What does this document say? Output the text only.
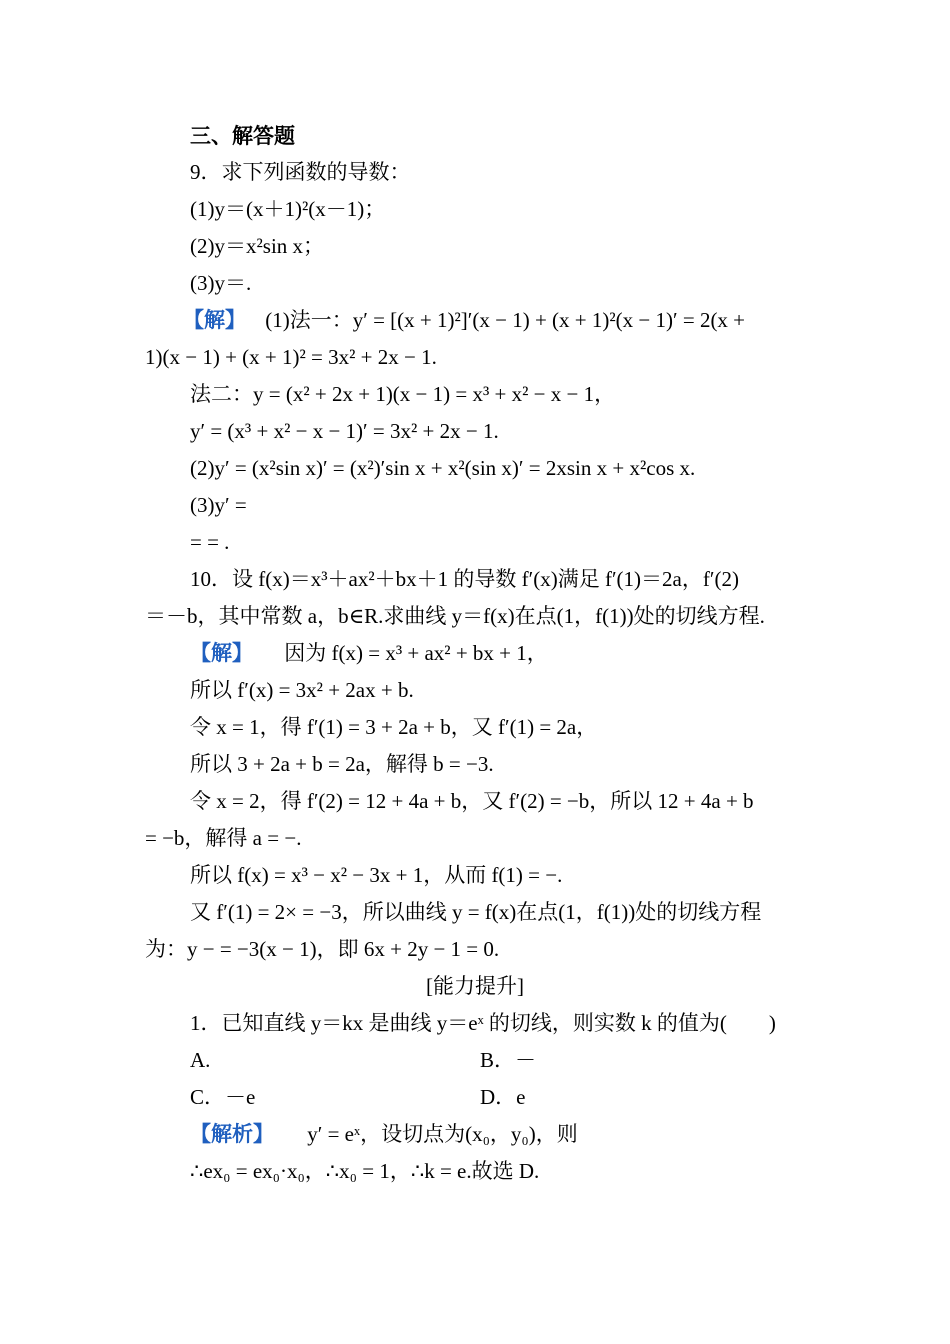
三、解答题
9．求下列函数的导数：
(1)y＝(x＋1)²(x－1)；
(2)y＝x²sin x；
(3)y＝.
【解】 (1)法一：y′ = [(x + 1)²]′(x − 1) + (x + 1)²(x − 1)′ = 2(x +
1)(x − 1) + (x + 1)² = 3x² + 2x − 1.
法二：y = (x² + 2x + 1)(x − 1) = x³ + x² − x − 1，
y′ = (x³ + x² − x − 1)′ = 3x² + 2x − 1.
(2)y′ = (x²sin x)′ = (x²)′sin x + x²(sin x)′ = 2xsin x + x²cos x.
(3)y′ =
= = .
10．设 f(x)＝x³＋ax²＋bx＋1 的导数 f′(x)满足 f′(1)＝2a，f′(2)
＝－b，其中常数 a，b∈R.求曲线 y＝f(x)在点(1，f(1))处的切线方程.
【解】 因为 f(x) = x³ + ax² + bx + 1，
所以 f′(x) = 3x² + 2ax + b.
令 x = 1，得 f′(1) = 3 + 2a + b，又 f′(1) = 2a，
所以 3 + 2a + b = 2a，解得 b = −3.
令 x = 2，得 f′(2) = 12 + 4a + b，又 f′(2) = −b，所以 12 + 4a + b
= −b，解得 a = −.
所以 f(x) = x³ − x² − 3x + 1，从而 f(1) = −.
又 f′(1) = 2× = −3，所以曲线 y = f(x)在点(1，f(1))处的切线方程
为：y − = −3(x − 1)，即 6x + 2y − 1 = 0.
[能力提升]
1．已知直线 y＝kx 是曲线 y＝eˣ 的切线，则实数 k 的值为(　　)
A.	B．－
C．－e	D．e
【解析】 y′ = eˣ，设切点为(x₀，y₀)，则
∴ex₀ = ex₀·x₀，∴x₀ = 1，∴k = e.故选 D.
